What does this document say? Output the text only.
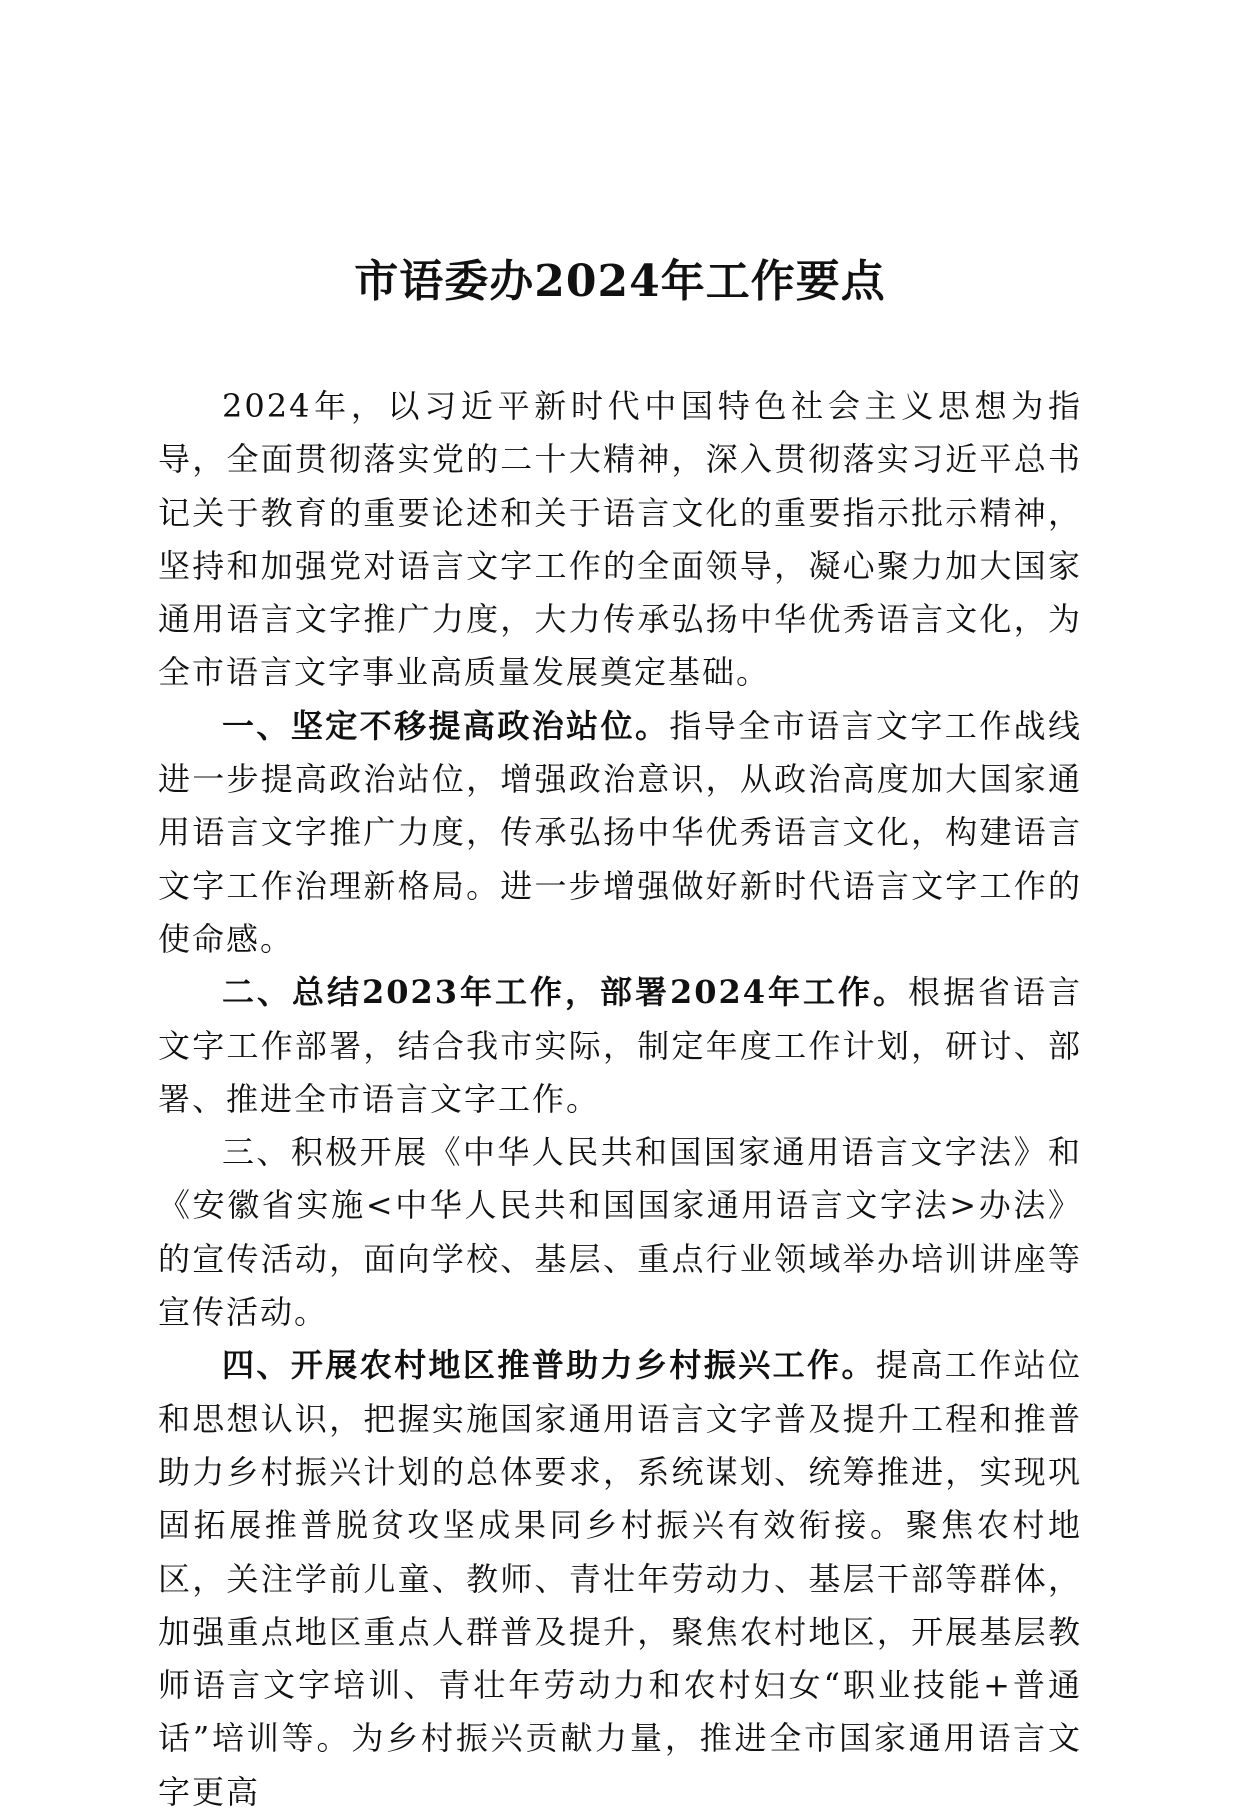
市语委办2024年工作要点

2024年，以习近平新时代中国特色社会主义思想为指导，全面贯彻落实党的二十大精神，深入贯彻落实习近平总书记关于教育的重要论述和关于语言文化的重要指示批示精神，坚持和加强党对语言文字工作的全面领导，凝心聚力加大国家通用语言文字推广力度，大力传承弘扬中华优秀语言文化，为全市语言文字事业高质量发展奠定基础。

一、坚定不移提高政治站位。指导全市语言文字工作战线进一步提高政治站位，增强政治意识，从政治高度加大国家通用语言文字推广力度，传承弘扬中华优秀语言文化，构建语言文字工作治理新格局。进一步增强做好新时代语言文字工作的使命感。

二、总结2023年工作，部署2024年工作。根据省语言文字工作部署，结合我市实际，制定年度工作计划，研讨、部署、推进全市语言文字工作。

三、积极开展《中华人民共和国国家通用语言文字法》和《安徽省实施<中华人民共和国国家通用语言文字法>办法》的宣传活动，面向学校、基层、重点行业领域举办培训讲座等宣传活动。

四、开展农村地区推普助力乡村振兴工作。提高工作站位和思想认识，把握实施国家通用语言文字普及提升工程和推普助力乡村振兴计划的总体要求，系统谋划、统筹推进，实现巩固拓展推普脱贫攻坚成果同乡村振兴有效衔接。聚焦农村地区，关注学前儿童、教师、青壮年劳动力、基层干部等群体，加强重点地区重点人群普及提升，聚焦农村地区，开展基层教师语言文字培训、青壮年劳动力和农村妇女“职业技能+普通话”培训等。为乡村振兴贡献力量，推进全市国家通用语言文字更高
